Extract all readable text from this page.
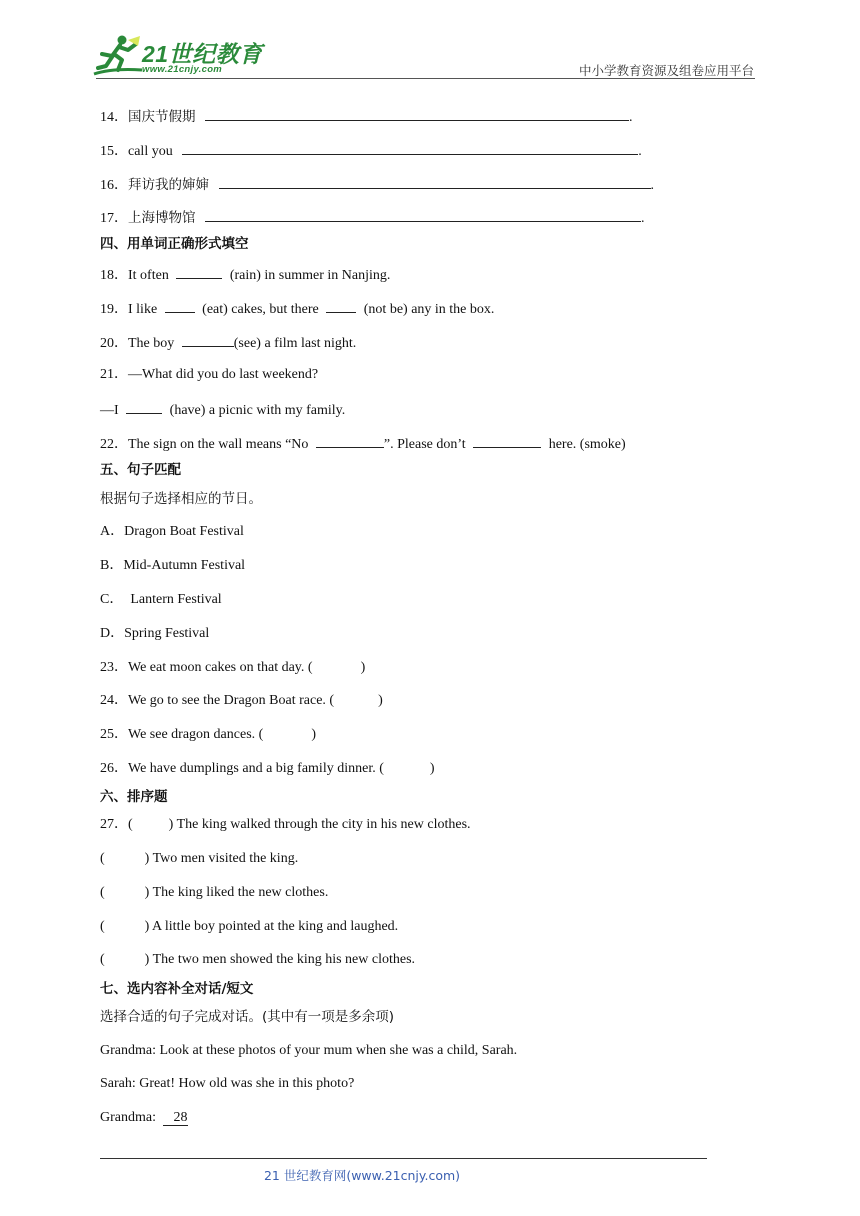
21世纪教育
www.21cnjy.com	中小学教育资源及组卷应用平台
14．国庆节假期	.
15．call you	.
16．拜访我的婶婶	.
17．上海博物馆	.
四、用单词正确形式填空
18．It often	(rain) in summer in Nanjing.
19．I like	(eat) cakes, but there	(not be) any in the box.
20．The boy	(see) a film last night.
21．—What did you do last weekend?
—I	(have) a picnic with my family.
22．The sign on the wall means “No	”. Please don’t	here. (smoke)
五、句子匹配
根据句子选择相应的节日。
A．Dragon Boat Festival
B．Mid-Autumn Festival
C．  Lantern Festival
D．Spring Festival
23．We eat moon cakes on that day. (	)
24．We go to see the Dragon Boat race. (	)
25．We see dragon dances. (	)
26．We have dumplings and a big family dinner. (	)
六、排序题
27．(	) The king walked through the city in his new clothes.
(	) Two men visited the king.
(	) The king liked the new clothes.
(	) A little boy pointed at the king and laughed.
(	) The two men showed the king his new clothes.
七、选内容补全对话/短文
选择合适的句子完成对话。(其中有一项是多余项)
Grandma: Look at these photos of your mum when she was a child, Sarah.
Sarah: Great! How old was she in this photo?
Grandma: 28
21 世纪教育网(www.21cnjy.com)
